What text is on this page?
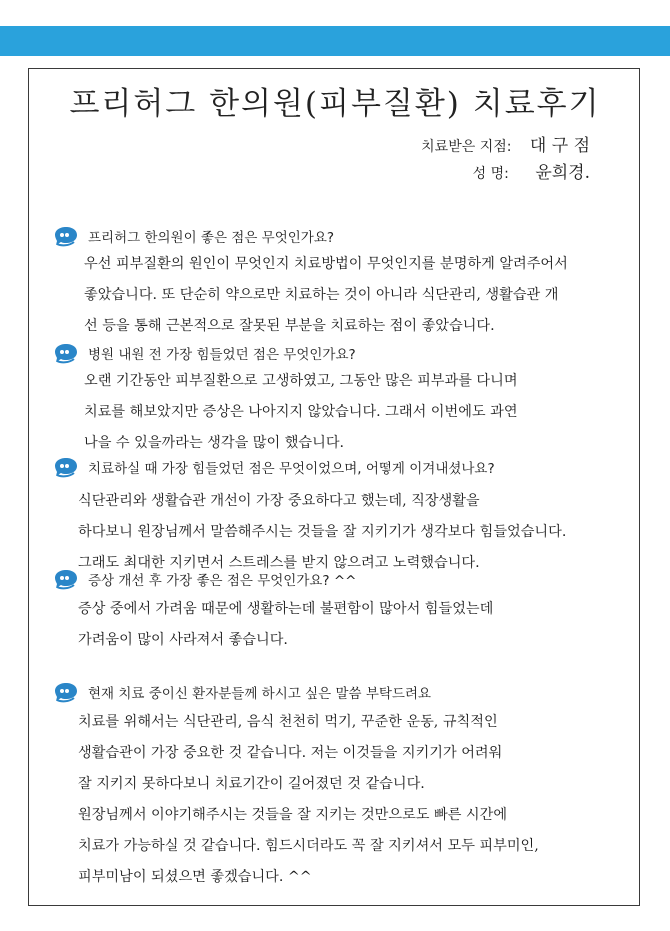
프리허그 한의원(피부질환) 치료후기
치료받은 지점: 대 구 점
성 명: 윤희경.
프리허그 한의원이 좋은 점은 무엇인가요?

우선 피부질환의 원인이 무엇인지 치료방법이 무엇인지를 분명하게 알려주어서

좋았습니다. 또 단순히 약으로만 치료하는 것이 아니라 식단관리, 생활습관 개

선 등을 통해 근본적으로 잘못된 부분을 치료하는 점이 좋았습니다.

병원 내원 전 가장 힘들었던 점은 무엇인가요?

오랜 기간동안 피부질환으로 고생하였고, 그동안 많은 피부과를 다니며

치료를 해보았지만 증상은 나아지지 않았습니다. 그래서 이번에도 과연

나을 수 있을까라는 생각을 많이 했습니다.

치료하실 때 가장 힘들었던 점은 무엇이었으며, 어떻게 이겨내셨나요?

식단관리와 생활습관 개선이 가장 중요하다고 했는데, 직장생활을

하다보니 원장님께서 말씀해주시는 것들을 잘 지키기가 생각보다 힘들었습니다.

그래도 최대한 지키면서 스트레스를 받지 않으려고 노력했습니다.

증상 개선 후 가장 좋은 점은 무엇인가요? ^^

증상 중에서 가려움 때문에 생활하는데 불편함이 많아서 힘들었는데

가려움이 많이 사라져서 좋습니다.

현재 치료 중이신 환자분들께 하시고 싶은 말씀 부탁드려요

치료를 위해서는 식단관리, 음식 천천히 먹기, 꾸준한 운동, 규칙적인

생활습관이 가장 중요한 것 같습니다. 저는 이것들을 지키기가 어려워

잘 지키지 못하다보니 치료기간이 길어졌던 것 같습니다.

원장님께서 이야기해주시는 것들을 잘 지키는 것만으로도 빠른 시간에

치료가 가능하실 것 같습니다. 힘드시더라도 꼭 잘 지키셔서 모두 피부미인,

피부미남이 되셨으면 좋겠습니다. ^^
